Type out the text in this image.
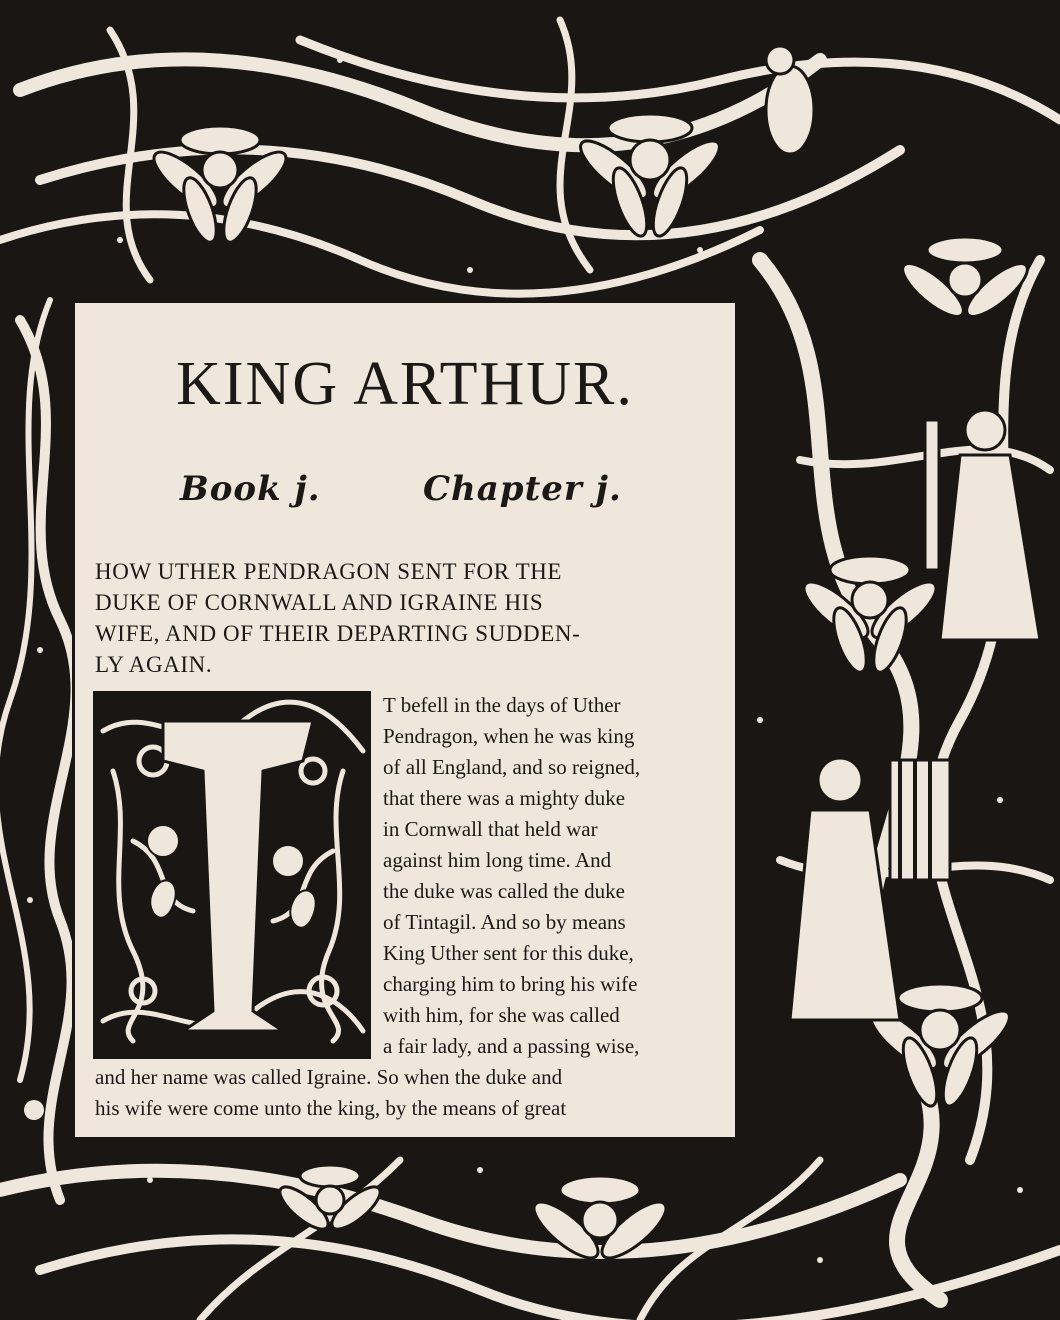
KING ARTHUR.
Book j.	Chapter j.

HOW UTHER PENDRAGON SENT FOR THE
DUKE OF CORNWALL AND IGRAINE HIS
WIFE, AND OF THEIR DEPARTING SUDDEN-
LY AGAIN.

T befell in the days of Uther
Pendragon, when he was king
of all England, and so reigned,
that there was a mighty duke
in Cornwall that held war
against him long time. And
the duke was called the duke
of Tintagil. And so by means
King Uther sent for this duke,
charging him to bring his wife
with him, for she was called
a fair lady, and a passing wise,

and her name was called Igraine. So when the duke and
his wife were come unto the king, by the means of great
